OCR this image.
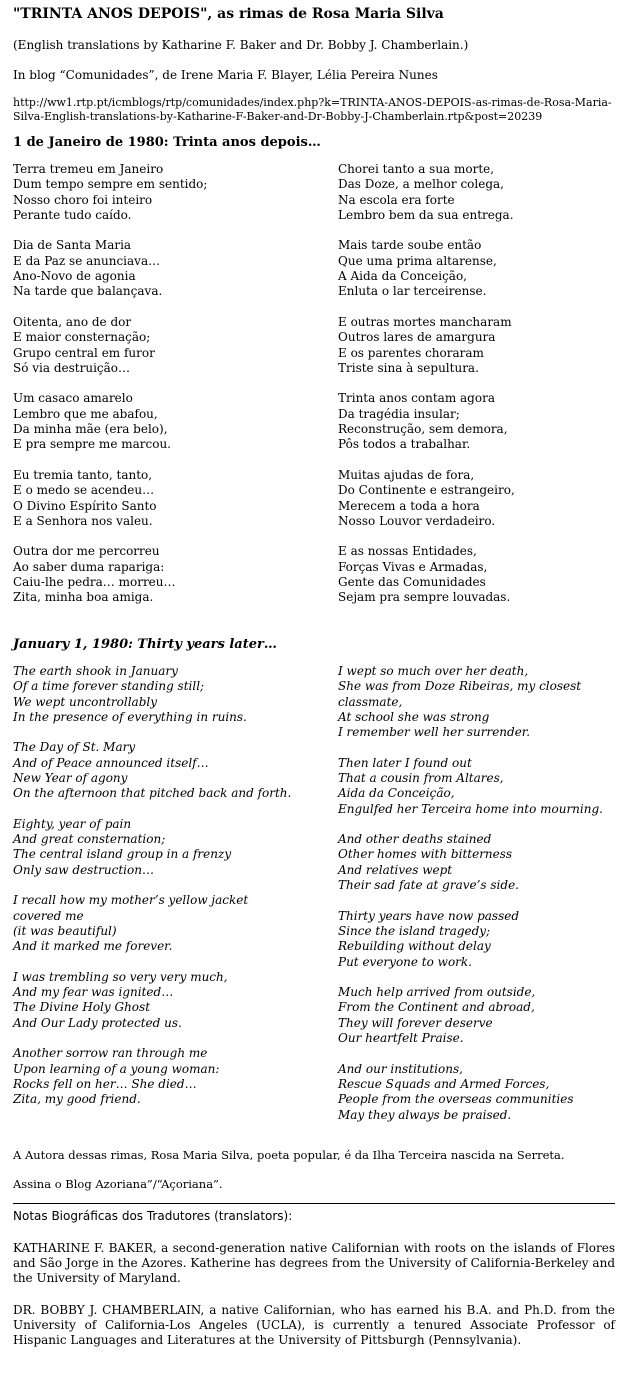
"TRINTA ANOS DEPOIS", as rimas de Rosa Maria Silva

(English translations by Katharine F. Baker and Dr. Bobby J. Chamberlain.)

In blog “Comunidades”, de Irene Maria F. Blayer, Lélia Pereira Nunes

http://ww1.rtp.pt/icmblogs/rtp/comunidades/index.php?k=TRINTA-ANOS-DEPOIS-as-rimas-de-Rosa-Maria-Silva-English-translations-by-Katharine-F-Baker-and-Dr-Bobby-J-Chamberlain.rtp&post=20239

1 de Janeiro de 1980: Trinta anos depois…

Terra tremeu em Janeiro
Dum tempo sempre em sentido;
Nosso choro foi inteiro
Perante tudo caído.
Dia de Santa Maria
E da Paz se anunciava…
Ano-Novo de agonia
Na tarde que balançava.
Oitenta, ano de dor
E maior consternação;
Grupo central em furor
Só via destruição…
Um casaco amarelo
Lembro que me abafou,
Da minha mãe (era belo),
E pra sempre me marcou.
Eu tremia tanto, tanto,
E o medo se acendeu…
O Divino Espírito Santo
E a Senhora nos valeu.
Outra dor me percorreu
Ao saber duma rapariga:
Caiu-lhe pedra… morreu…
Zita, minha boa amiga.
Chorei tanto a sua morte,
Das Doze, a melhor colega,
Na escola era forte
Lembro bem da sua entrega.
Mais tarde soube então
Que uma prima altarense,
A Aida da Conceição,
Enluta o lar terceirense.
E outras mortes mancharam
Outros lares de amargura
E os parentes choraram
Triste sina à sepultura.
Trinta anos contam agora
Da tragédia insular;
Reconstrução, sem demora,
Pôs todos a trabalhar.
Muitas ajudas de fora,
Do Continente e estrangeiro,
Merecem a toda a hora
Nosso Louvor verdadeiro.
E as nossas Entidades,
Forças Vivas e Armadas,
Gente das Comunidades
Sejam pra sempre louvadas.

January 1, 1980: Thirty years later…

The earth shook in January
Of a time forever standing still;
We wept uncontrollably
In the presence of everything in ruins.
The Day of St. Mary
And of Peace announced itself…
New Year of agony
On the afternoon that pitched back and forth.
Eighty, year of pain
And great consternation;
The central island group in a frenzy
Only saw destruction…
I recall how my mother’s yellow jacket
covered me
(it was beautiful)
And it marked me forever.
I was trembling so very very much,
And my fear was ignited…
The Divine Holy Ghost
And Our Lady protected us.
Another sorrow ran through me
Upon learning of a young woman:
Rocks fell on her… She died…
Zita, my good friend.
I wept so much over her death,
She was from Doze Ribeiras, my closest
classmate,
At school she was strong
I remember well her surrender.
Then later I found out
That a cousin from Altares,
Aida da Conceição,
Engulfed her Terceira home into mourning.
And other deaths stained
Other homes with bitterness
And relatives wept
Their sad fate at grave’s side.
Thirty years have now passed
Since the island tragedy;
Rebuilding without delay
Put everyone to work.
Much help arrived from outside,
From the Continent and abroad,
They will forever deserve
Our heartfelt Praise.
And our institutions,
Rescue Squads and Armed Forces,
People from the overseas communities
May they always be praised.

A Autora dessas rimas, Rosa Maria Silva, poeta popular, é da Ilha Terceira nascida na Serreta.

Assina o Blog Azoriana”/“Açoriana”.

Notas Biográficas dos Tradutores (translators):

KATHARINE F. BAKER, a second-generation native Californian with roots on the islands of Flores and São Jorge in the Azores. Katherine has degrees from the University of California-Berkeley and the University of Maryland.

DR. BOBBY J. CHAMBERLAIN, a native Californian, who has earned his B.A. and Ph.D. from the University of California-Los Angeles (UCLA), is currently a tenured Associate Professor of Hispanic Languages and Literatures at the University of Pittsburgh (Pennsylvania).
